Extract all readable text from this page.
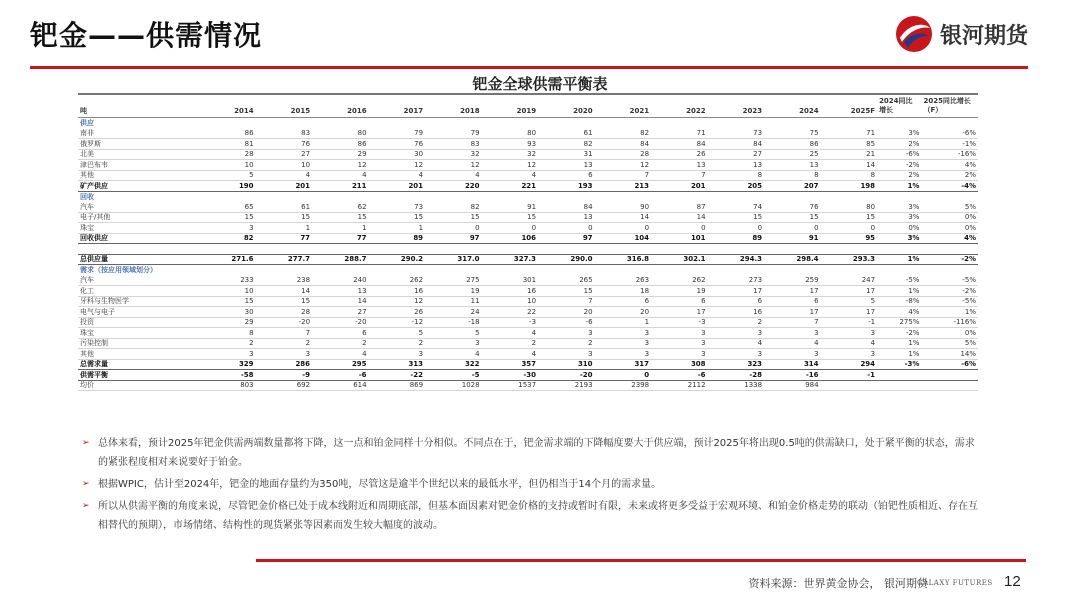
钯金——供需情况	银河期货
钯金全球供需平衡表
吨	2014	2015	2016	2017	2018	2019	2020	2021	2022	2023	2024	2025F	2024同比增长	2025同比增长（F）
供应														
南非	86	83	80	79	79	80	61	82	71	73	75	71	3%	-6%
俄罗斯	81	76	86	76	83	93	82	84	84	84	86	85	2%	-1%
北美	28	27	29	30	32	32	31	28	26	27	25	21	-6%	-16%
津巴布韦	10	10	12	12	12	12	13	12	13	13	13	14	-2%	4%
其他	5	4	4	4	4	4	6	7	7	8	8	8	2%	2%
矿产供应	190	201	211	201	220	221	193	213	201	205	207	198	1%	-4%
回收														
汽车	65	61	62	73	82	91	84	90	87	74	76	80	3%	5%
电子/其他	15	15	15	15	15	15	13	14	14	15	15	15	3%	0%
珠宝	3	1	1	1	0	0	0	0	0	0	0	0	0%	0%
回收供应	82	77	77	89	97	106	97	104	101	89	91	95	3%	4%

总供应量	271.6	277.7	288.7	290.2	317.0	327.3	290.0	316.8	302.1	294.3	298.4	293.3	1%	-2%
需求（按应用领域划分）														
汽车	233	238	240	262	275	301	265	263	262	273	259	247	-5%	-5%
化工	10	14	13	16	19	16	15	18	19	17	17	17	1%	-2%
牙科与生物医学	15	15	14	12	11	10	7	6	6	6	6	5	-8%	-5%
电气与电子	30	28	27	26	24	22	20	20	17	16	17	17	4%	1%
投资	29	-20	-20	-12	-18	-3	-6	1	-3	2	7	-1	275%	-116%
珠宝	8	7	6	5	5	4	3	3	3	3	3	3	-2%	0%
污染控制	2	2	2	2	3	2	2	3	3	4	4	4	1%	5%
其他	3	3	4	3	4	4	3	3	3	3	3	3	1%	14%
总需求量	329	286	295	313	322	357	310	317	308	323	314	294	-3%	-6%
供需平衡	-58	-9	-6	-22	-5	-30	-20	0	-6	-28	-16	-1		
均价	803	692	614	869	1028	1537	2193	2398	2112	1338	984			
➢ 总体来看，预计2025年钯金供需两端数量都将下降，这一点和铂金同样十分相似。不同点在于，钯金需求端的下降幅度要大于供应端，预计2025年将出现0.5吨的供需缺口，处于紧平衡的状态，需求的紧张程度相对来说要好于铂金。
➢ 根据WPIC，估计至2024年，钯金的地面存量约为350吨，尽管这是逾半个世纪以来的最低水平，但仍相当于14个月的需求量。
➢ 所以从供需平衡的角度来说，尽管钯金价格已处于成本线附近和周期底部，但基本面因素对钯金价格的支持或暂时有限，未来或将更多受益于宏观环境、和铂金价格走势的联动（铂钯性质相近、存在互相替代的预期），市场情绪、结构性的现货紧张等因素而发生较大幅度的波动。
资料来源：世界黄金协会， 银河期货
GALAXY FUTURES 12
